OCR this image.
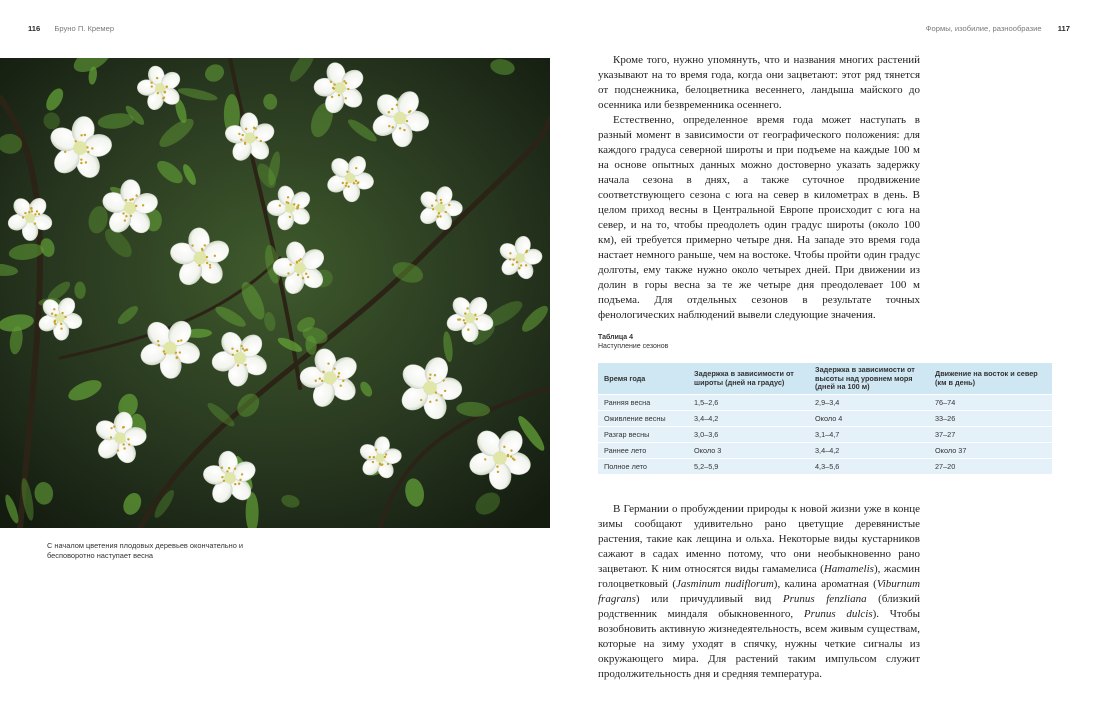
116 Бруно П. Кремер	Формы, изобилие, разнообразие 117
С началом цветения плодовых деревьев окончательно и бесповоротно наступает весна

Кроме того, нужно упомянуть, что и названия многих растений указывают на то время года, когда они зацветают: этот ряд тянется от подснежника, белоцветника весеннего, ландыша майского до осенника или безвременника осеннего.

Естественно, определенное время года может наступать в разный момент в зависимости от географического положения: для каждого градуса северной широты и при подъеме на каждые 100 м на основе опытных данных можно достоверно указать задержку начала сезона в днях, а также суточное продвижение соответствующего сезона с юга на север в километрах в день. В целом приход весны в Центральной Европе происходит с юга на север, и на то, чтобы преодолеть один градус широты (около 100 км), ей требуется примерно четыре дня. На западе это время года настает немного раньше, чем на востоке. Чтобы пройти один градус долготы, ему также нужно около четырех дней. При движении из долин в горы весна за те же четыре дня преодолевает 100 м подъема. Для отдельных сезонов в результате точных фенологических наблюдений вывели следующие значения.

Таблица 4
Наступление сезонов
Время года	Задержка в зависимости от широты (дней на градус)	Задержка в зависимости от высоты над уровнем моря (дней на 100 м)	Движение на восток и север (км в день)
Ранняя весна	1,5–2,6	2,9–3,4	76–74
Оживление весны	3,4–4,2	Около 4	33–26
Разгар весны	3,0–3,6	3,1–4,7	37–27
Раннее лето	Около 3	3,4–4,2	Около 37
Полное лето	5,2–5,9	4,3–5,6	27–20

В Германии о пробуждении природы к новой жизни уже в конце зимы сообщают удивительно рано цветущие деревянистые растения, такие как лещина и ольха. Некоторые виды кустарников сажают в садах именно потому, что они необыкновенно рано зацветают. К ним относятся виды гамамелиса (Hamamelis), жасмин голоцветковый (Jasminum nudiflorum), калина ароматная (Viburnum fragrans) или причудливый вид Prunus fenzliana (близкий родственник миндаля обыкновенного, Prunus dulcis). Чтобы возобновить активную жизнедеятельность, всем живым существам, которые на зиму уходят в спячку, нужны четкие сигналы из окружающего мира. Для растений таким импульсом служит продолжительность дня и средняя температура.
